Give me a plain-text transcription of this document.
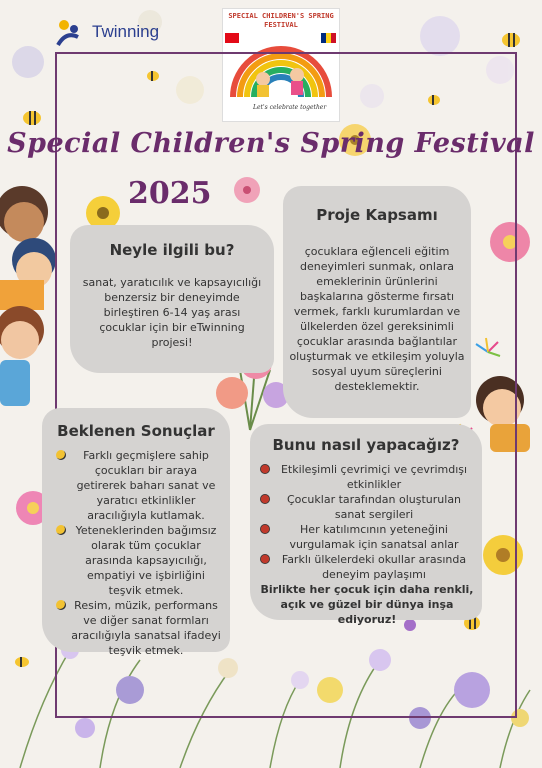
Twinning
SPECIAL CHILDREN'S SPRING FESTIVAL
Let's celebrate together
Special Children's Spring Festival
2025
Neyle ilgili bu?
sanat, yaratıcılık ve kapsayıcılığı benzersiz bir deneyimde birleştiren 6-14 yaş arası çocuklar için bir eTwinning projesi!
Proje Kapsamı
çocuklara eğlenceli eğitim deneyimleri sunmak, onlara emeklerinin ürünlerini başkalarına gösterme fırsatı vermek, farklı kurumlardan ve ülkelerden özel gereksinimli çocuklar arasında bağlantılar oluşturmak ve etkileşim yoluyla sosyal uyum süreçlerini desteklemektir.
Beklenen Sonuçlar
Farklı geçmişlere sahip çocukları bir araya getirerek baharı sanat ve yaratıcı etkinlikler aracılığıyla kutlamak.
Yeteneklerinden bağımsız olarak tüm çocuklar arasında kapsayıcılığı, empatiyi ve işbirliğini teşvik etmek.
Resim, müzik, performans ve diğer sanat formları aracılığıyla sanatsal ifadeyi teşvik etmek.
Bunu nasıl yapacağız?
Etkileşimli çevrimiçi ve çevrimdışı etkinlikler
Çocuklar tarafından oluşturulan sanat sergileri
Her katılımcının yeteneğini vurgulamak için sanatsal anlar
Farklı ülkelerdeki okullar arasında deneyim paylaşımı
Birlikte her çocuk için daha renkli, açık ve güzel bir dünya inşa ediyoruz!
